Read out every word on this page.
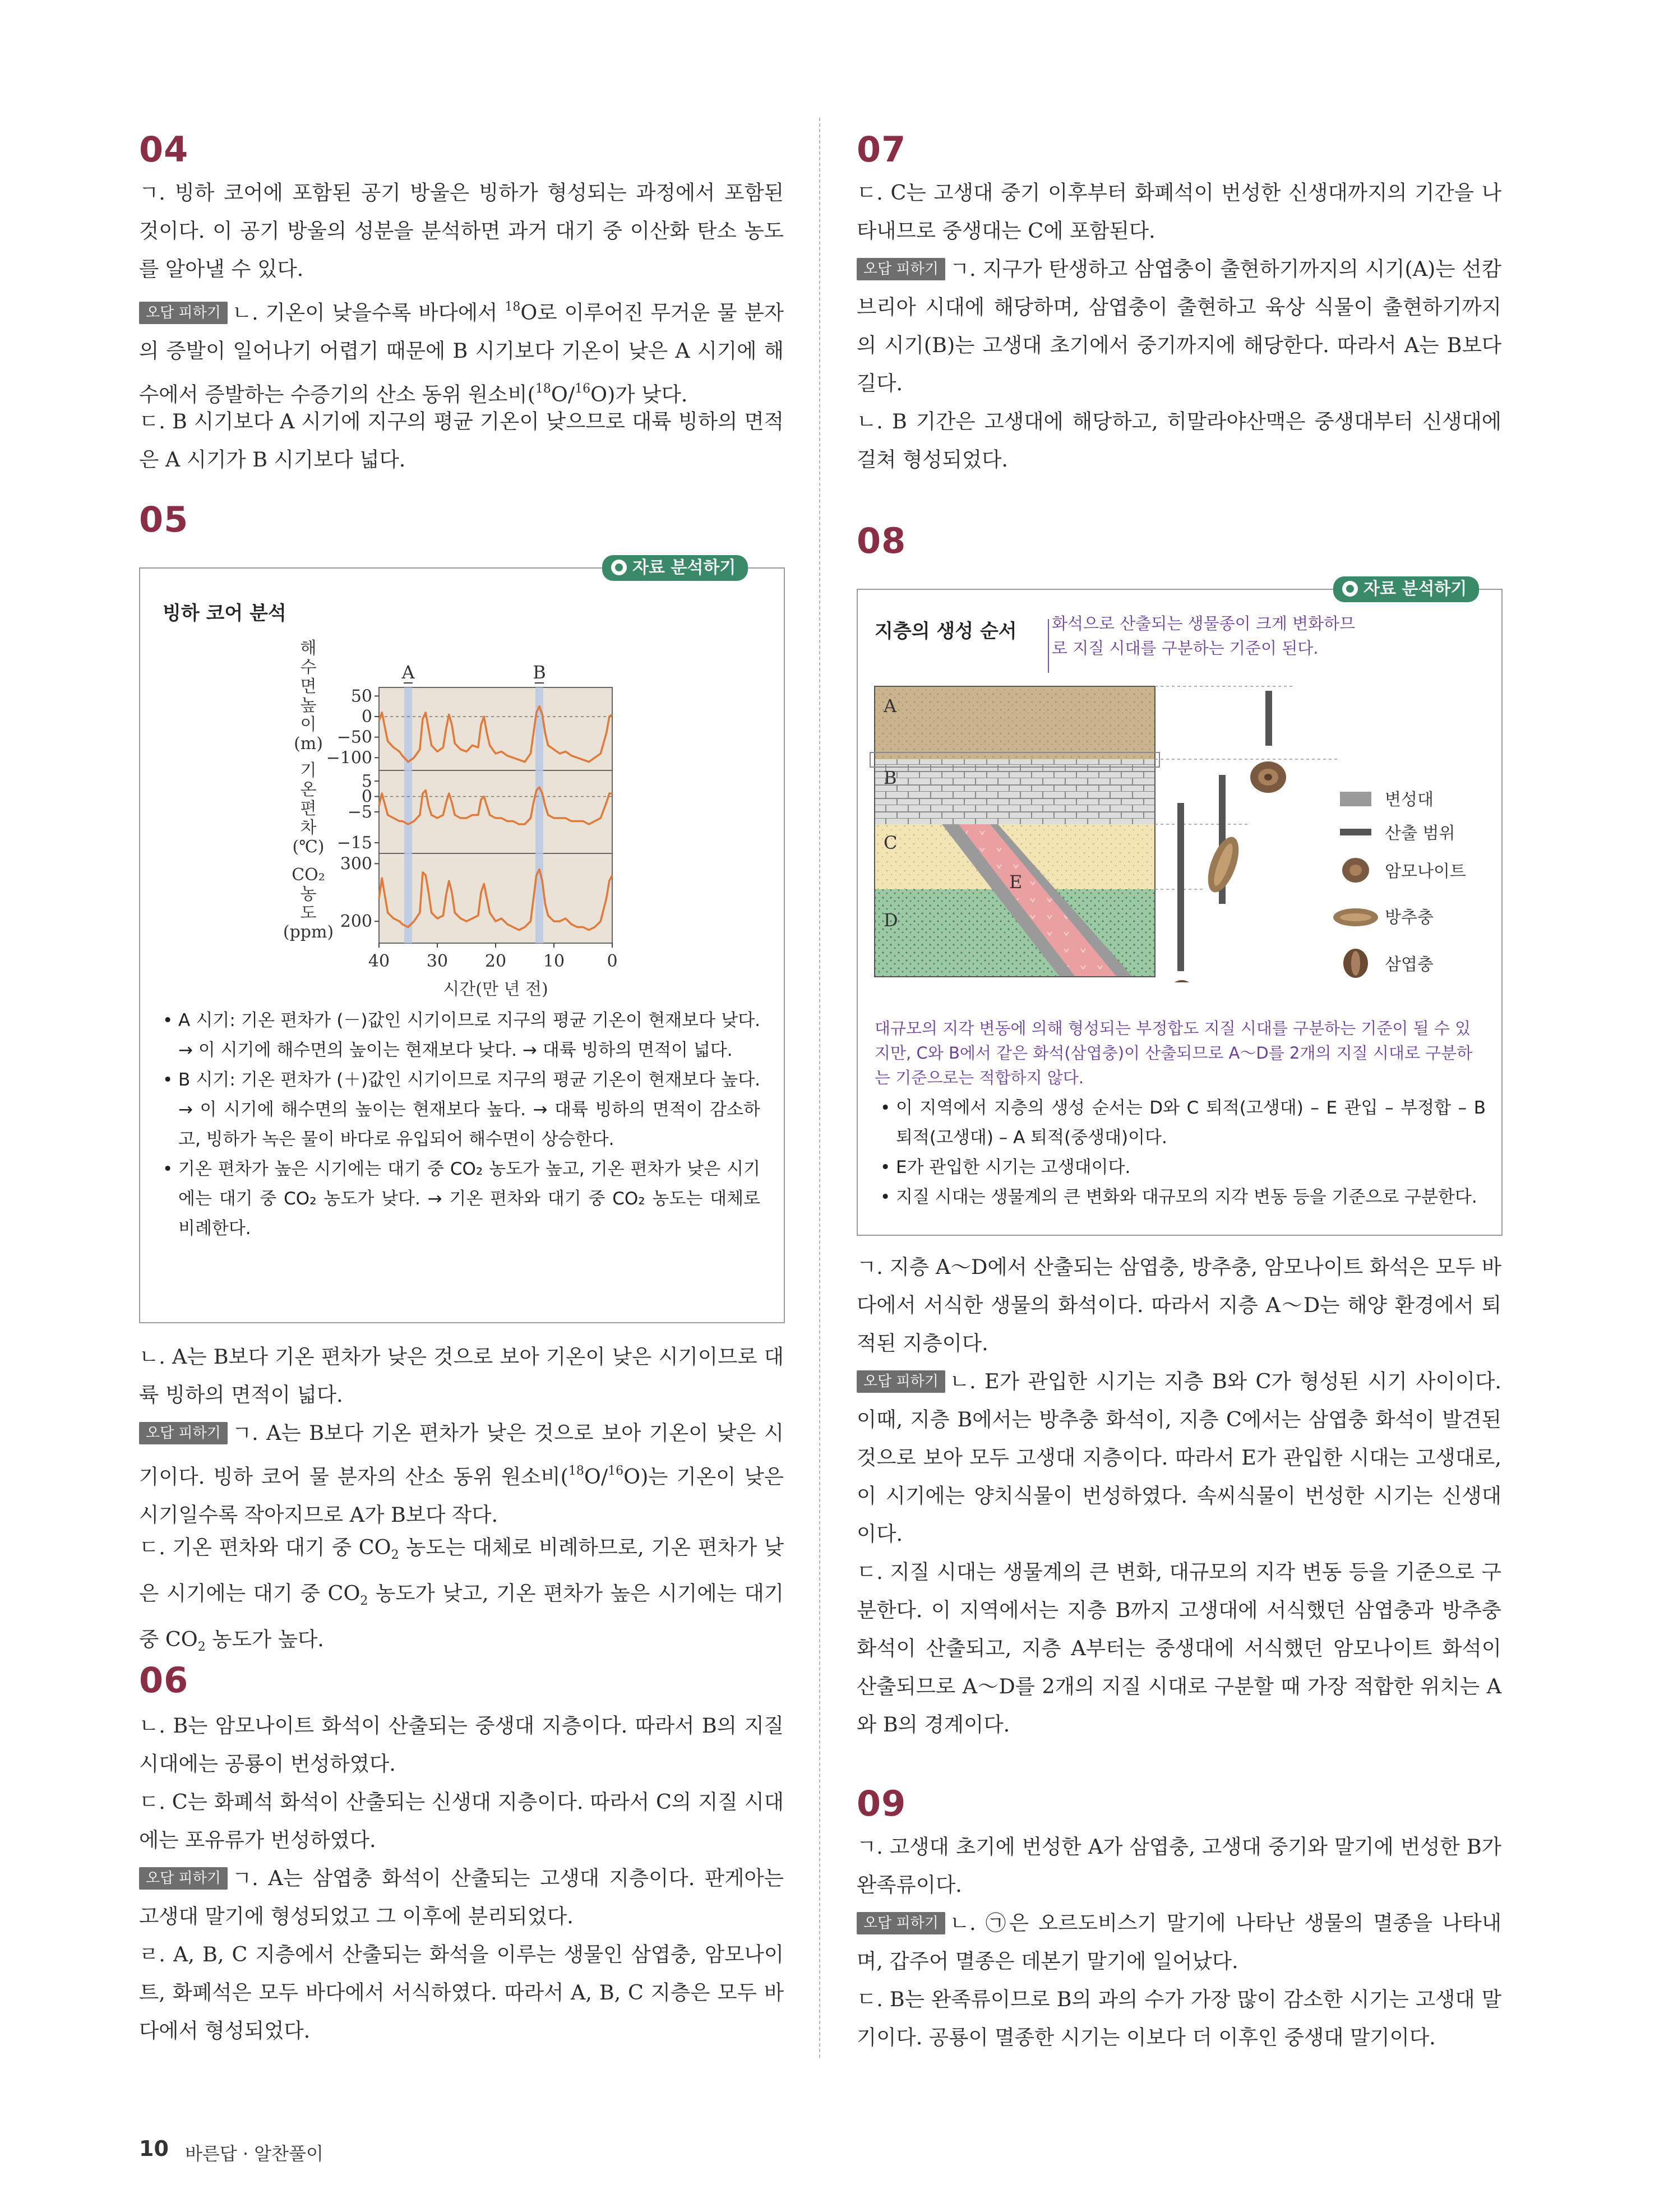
04

ㄱ. 빙하 코어에 포함된 공기 방울은 빙하가 형성되는 과정에서 포함된 것이다. 이 공기 방울의 성분을 분석하면 과거 대기 중 이산화 탄소 농도를 알아낼 수 있다.

오답 피하기 ㄴ. 기온이 낮을수록 바다에서 $^{18}$O로 이루어진 무거운 물 분자의 증발이 일어나기 어렵기 때문에 B 시기보다 기온이 낮은 A 시기에 해수에서 증발하는 수증기의 산소 동위 원소비($^{18}$O/$^{16}$O)가 낮다.

ㄷ. B 시기보다 A 시기에 지구의 평균 기온이 낮으므로 대륙 빙하의 면적은 A 시기가 B 시기보다 넓다.

05
빙하 코어 분석
해
수
면
높
이
(m)
기
온
편
차
(℃)
CO₂
농
도
(ppm)
50
0
−50
−100
5
0
−5
−15
300
200
40 30 20 10	0
A	B
시간(만 년 전)
• A 시기: 기온 편차가 (－)값인 시기이므로 지구의 평균 기온이 현재보다 낮다. → 이 시기에 해수면의 높이는 현재보다 낮다. → 대륙 빙하의 면적이 넓다.
• B 시기: 기온 편차가 (＋)값인 시기이므로 지구의 평균 기온이 현재보다 높다. → 이 시기에 해수면의 높이는 현재보다 높다. → 대륙 빙하의 면적이 감소하고, 빙하가 녹은 물이 바다로 유입되어 해수면이 상승한다.
• 기온 편차가 높은 시기에는 대기 중 CO₂ 농도가 높고, 기온 편차가 낮은 시기에는 대기 중 CO₂ 농도가 낮다. → 기온 편차와 대기 중 CO₂ 농도는 대체로 비례한다.
자료 분석하기

ㄴ. A는 B보다 기온 편차가 낮은 것으로 보아 기온이 낮은 시기이므로 대륙 빙하의 면적이 넓다.

오답 피하기 ㄱ. A는 B보다 기온 편차가 낮은 것으로 보아 기온이 낮은 시기이다. 빙하 코어 물 분자의 산소 동위 원소비($^{18}$O/$^{16}$O)는 기온이 낮은 시기일수록 작아지므로 A가 B보다 작다.

ㄷ. 기온 편차와 대기 중 $CO_2$ 농도는 대체로 비례하므로, 기온 편차가 낮은 시기에는 대기 중 $CO_2$ 농도가 낮고, 기온 편차가 높은 시기에는 대기 중 $CO_2$ 농도가 높다.

06

ㄴ. B는 암모나이트 화석이 산출되는 중생대 지층이다. 따라서 B의 지질 시대에는 공룡이 번성하였다.

ㄷ. C는 화폐석 화석이 산출되는 신생대 지층이다. 따라서 C의 지질 시대에는 포유류가 번성하였다.

오답 피하기 ㄱ. A는 삼엽충 화석이 산출되는 고생대 지층이다. 판게아는 고생대 말기에 형성되었고 그 이후에 분리되었다.

ㄹ. A, B, C 지층에서 산출되는 화석을 이루는 생물인 삼엽충, 암모나이트, 화폐석은 모두 바다에서 서식하였다. 따라서 A, B, C 지층은 모두 바다에서 형성되었다.

07

ㄷ. C는 고생대 중기 이후부터 화폐석이 번성한 신생대까지의 기간을 나타내므로 중생대는 C에 포함된다.

오답 피하기 ㄱ. 지구가 탄생하고 삼엽충이 출현하기까지의 시기(A)는 선캄브리아 시대에 해당하며, 삼엽충이 출현하고 육상 식물이 출현하기까지의 시기(B)는 고생대 초기에서 중기까지에 해당한다. 따라서 A는 B보다 길다.

ㄴ. B 기간은 고생대에 해당하고, 히말라야산맥은 중생대부터 신생대에 걸쳐 형성되었다.

08
지층의 생성 순서 화석으로 산출되는 생물종이 크게 변화하므로 지질 시대를 구분하는 기준이 된다.
A
B
C
D
E
변성대
산출 범위
암모나이트
방추충
삼엽충
대규모의 지각 변동에 의해 형성되는 부정합도 지질 시대를 구분하는 기준이 될 수 있지만, C와 B에서 같은 화석(삼엽충)이 산출되므로 A～D를 2개의 지질 시대로 구분하는 기준으로는 적합하지 않다.
• 이 지역에서 지층의 생성 순서는 D와 C 퇴적(고생대) – E 관입 – 부정합 – B 퇴적(고생대) – A 퇴적(중생대)이다.
• E가 관입한 시기는 고생대이다.
• 지질 시대는 생물계의 큰 변화와 대규모의 지각 변동 등을 기준으로 구분한다.
자료 분석하기

ㄱ. 지층 A～D에서 산출되는 삼엽충, 방추충, 암모나이트 화석은 모두 바다에서 서식한 생물의 화석이다. 따라서 지층 A～D는 해양 환경에서 퇴적된 지층이다.

오답 피하기 ㄴ. E가 관입한 시기는 지층 B와 C가 형성된 시기 사이이다. 이때, 지층 B에서는 방추충 화석이, 지층 C에서는 삼엽충 화석이 발견된 것으로 보아 모두 고생대 지층이다. 따라서 E가 관입한 시대는 고생대로, 이 시기에는 양치식물이 번성하였다. 속씨식물이 번성한 시기는 신생대이다.

ㄷ. 지질 시대는 생물계의 큰 변화, 대규모의 지각 변동 등을 기준으로 구분한다. 이 지역에서는 지층 B까지 고생대에 서식했던 삼엽충과 방추충 화석이 산출되고, 지층 A부터는 중생대에 서식했던 암모나이트 화석이 산출되므로 A～D를 2개의 지질 시대로 구분할 때 가장 적합한 위치는 A와 B의 경계이다.

09

ㄱ. 고생대 초기에 번성한 A가 삼엽충, 고생대 중기와 말기에 번성한 B가 완족류이다.

오답 피하기 ㄴ. ㉠은 오르도비스기 말기에 나타난 생물의 멸종을 나타내며, 갑주어 멸종은 데본기 말기에 일어났다.

ㄷ. B는 완족류이므로 B의 과의 수가 가장 많이 감소한 시기는 고생대 말기이다. 공룡이 멸종한 시기는 이보다 더 이후인 중생대 말기이다.

10 바른답 · 알찬풀이
